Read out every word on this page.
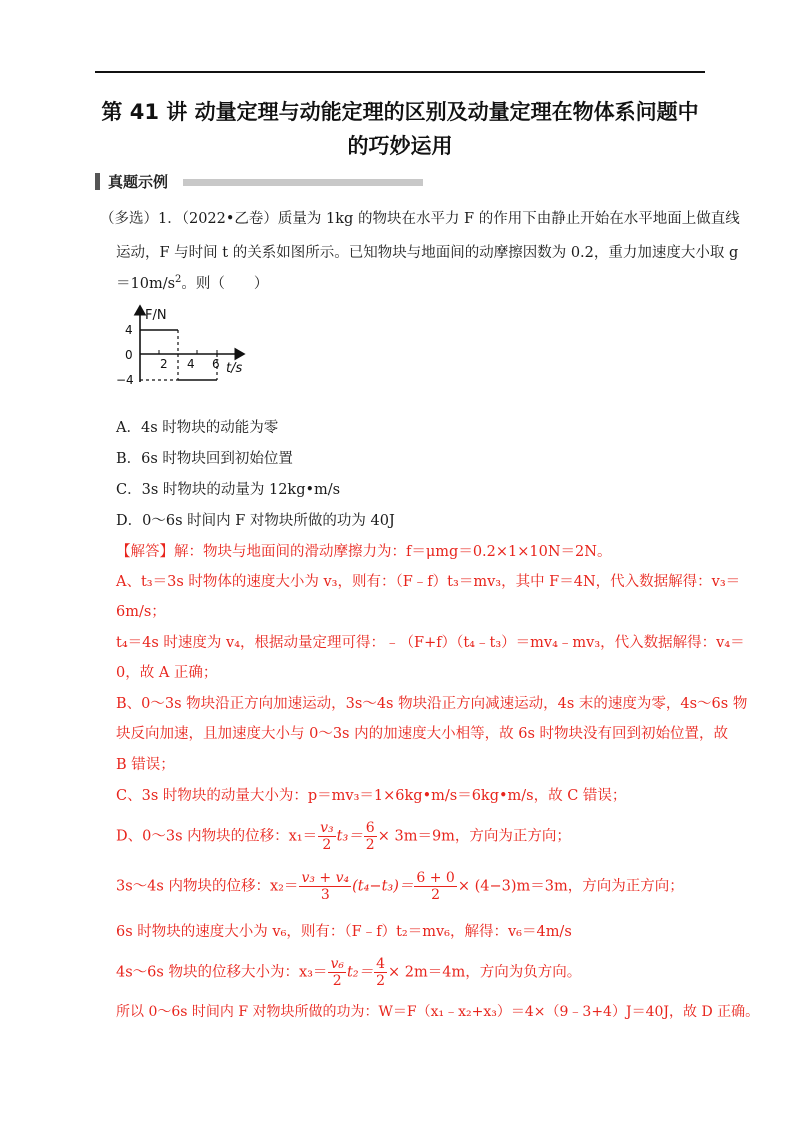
第 41 讲 动量定理与动能定理的区别及动量定理在物体系问题中
的巧妙运用
真题示例
（多选）1．（2022•乙卷）质量为 1kg 的物块在水平力 F 的作用下由静止开始在水平地面上做直线
运动，F 与时间 t 的关系如图所示。已知物块与地面间的动摩擦因数为 0.2，重力加速度大小取 g
$=10m/s^2$。则（　　）
F/N
t/s
4
0
−4
2 4 6
A．4s 时物块的动能为零
B．6s 时物块回到初始位置
C．3s 时物块的动量为 12kg•m/s
D．0～6s 时间内 F 对物块所做的功为 40J
【解答】解：物块与地面间的滑动摩擦力为：f＝μmg＝0.2×1×10N＝2N。
A、t₃＝3s 时物体的速度大小为 v₃，则有：（F﹣f）t₃＝mv₃，其中 F＝4N，代入数据解得：v₃＝
6m/s；
t₄＝4s 时速度为 v₄，根据动量定理可得：﹣（F+f）（t₄﹣t₃）＝mv₄﹣mv₃，代入数据解得：v₄＝
0，故 A 正确；
B、0～3s 物块沿正方向加速运动，3s～4s 物块沿正方向减速运动，4s 末的速度为零，4s～6s 物
块反向加速，且加速度大小与 0～3s 内的加速度大小相等，故 6s 时物块没有回到初始位置，故
B 错误；
C、3s 时物块的动量大小为：p＝mv₃＝1×6kg•m/s＝6kg•m/s，故 C 错误；
D、0～3s 内物块的位移：$x_1= \frac{\text{v₃}}{2} t_3= \frac{6}{2} \times 3m=9m$，方向为正方向；
3s～4s 内物块的位移：$x_2= \frac{\text{v₃ + v₄}}{3} (t_4-t_3)= \frac{6 + 0}{2} \times (4-3)m=3m$，方向为正方向；
6s 时物块的速度大小为 v₆，则有：（F﹣f）t₂＝mv₆，解得：v₆＝4m/s
4s～6s 物块的位移大小为：$x_3= \frac{\text{v₆}}{2} t_2= \frac{4}{2} \times 2m=4m$，方向为负方向。
所以 0～6s 时间内 F 对物块所做的功为：W＝F（x₁﹣x₂+x₃）＝4×（9﹣3+4）J＝40J，故 D 正确。
